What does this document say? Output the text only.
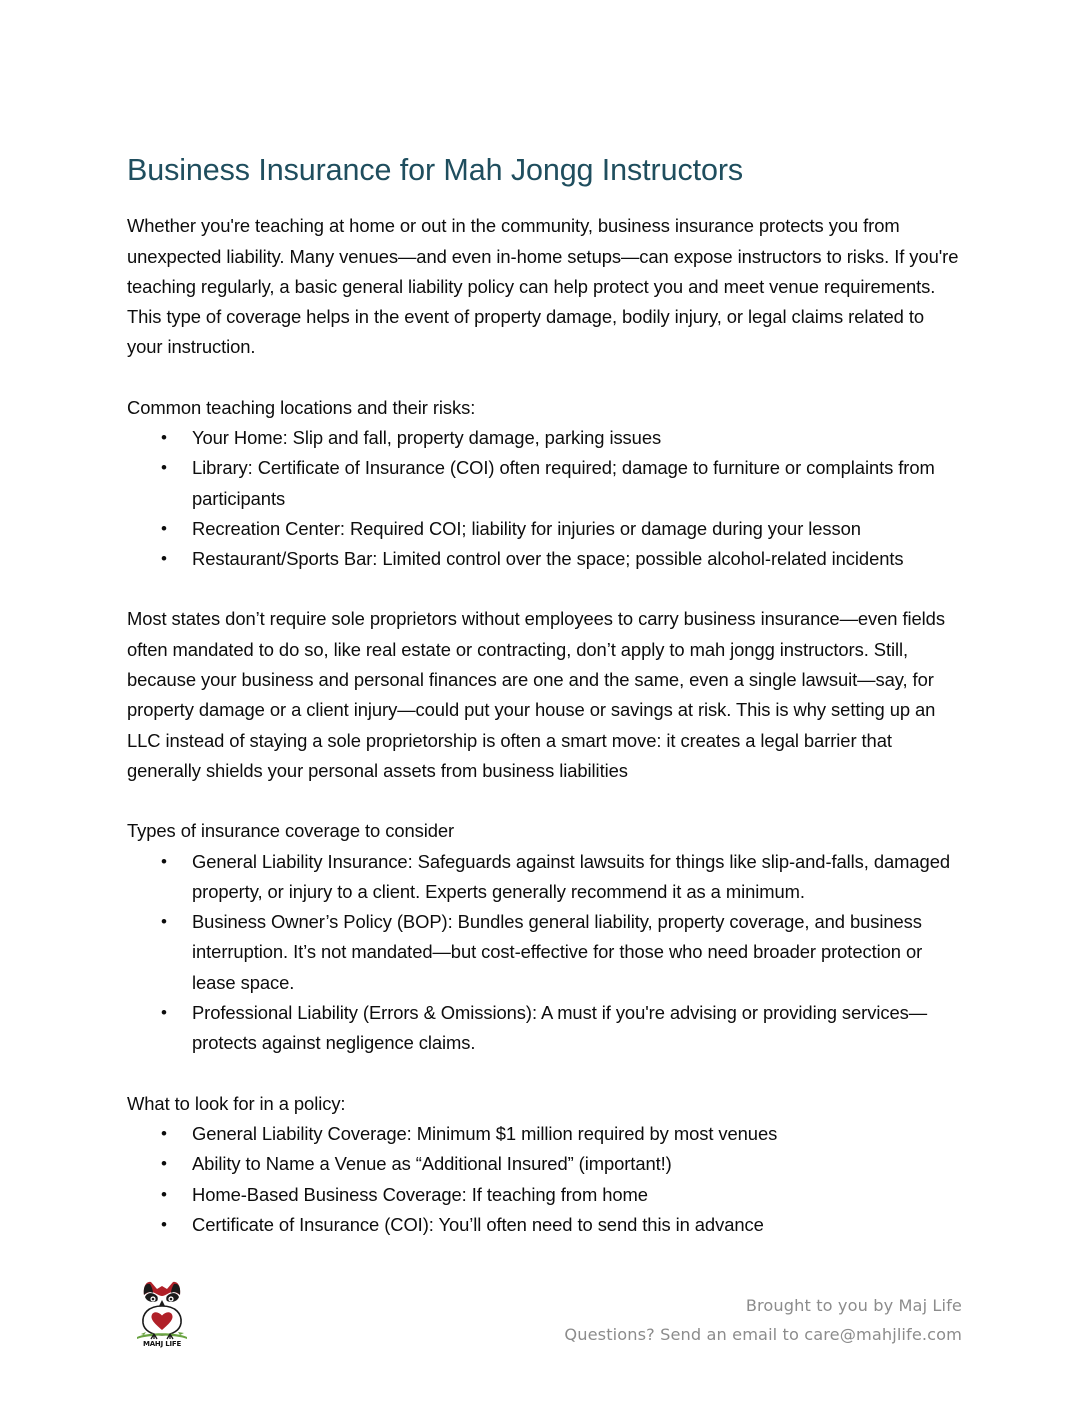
Business Insurance for Mah Jongg Instructors

Whether you're teaching at home or out in the community, business insurance protects you from unexpected liability. Many venues—and even in-home setups—can expose instructors to risks. If you're teaching regularly, a basic general liability policy can help protect you and meet venue requirements. This type of coverage helps in the event of property damage, bodily injury, or legal claims related to your instruction.

Common teaching locations and their risks:

• Your Home: Slip and fall, property damage, parking issues
• Library: Certificate of Insurance (COI) often required; damage to furniture or complaints from participants
• Recreation Center: Required COI; liability for injuries or damage during your lesson
• Restaurant/Sports Bar: Limited control over the space; possible alcohol-related incidents

Most states don’t require sole proprietors without employees to carry business insurance—even fields often mandated to do so, like real estate or contracting, don’t apply to mah jongg instructors. Still, because your business and personal finances are one and the same, even a single lawsuit—say, for property damage or a client injury—could put your house or savings at risk. This is why setting up an LLC instead of staying a sole proprietorship is often a smart move: it creates a legal barrier that generally shields your personal assets from business liabilities

Types of insurance coverage to consider

• General Liability Insurance: Safeguards against lawsuits for things like slip-and-falls, damaged property, or injury to a client. Experts generally recommend it as a minimum.
• Business Owner’s Policy (BOP): Bundles general liability, property coverage, and business interruption. It’s not mandated—but cost-effective for those who need broader protection or lease space.
• Professional Liability (Errors & Omissions): A must if you're advising or providing services—protects against negligence claims.

What to look for in a policy:

• General Liability Coverage: Minimum $1 million required by most venues
• Ability to Name a Venue as “Additional Insured” (important!)
• Home-Based Business Coverage: If teaching from home
• Certificate of Insurance (COI): You’ll often need to send this in advance
MAHJ LIFE
Brought to you by Maj Life
Questions? Send an email to care@mahjlife.com
